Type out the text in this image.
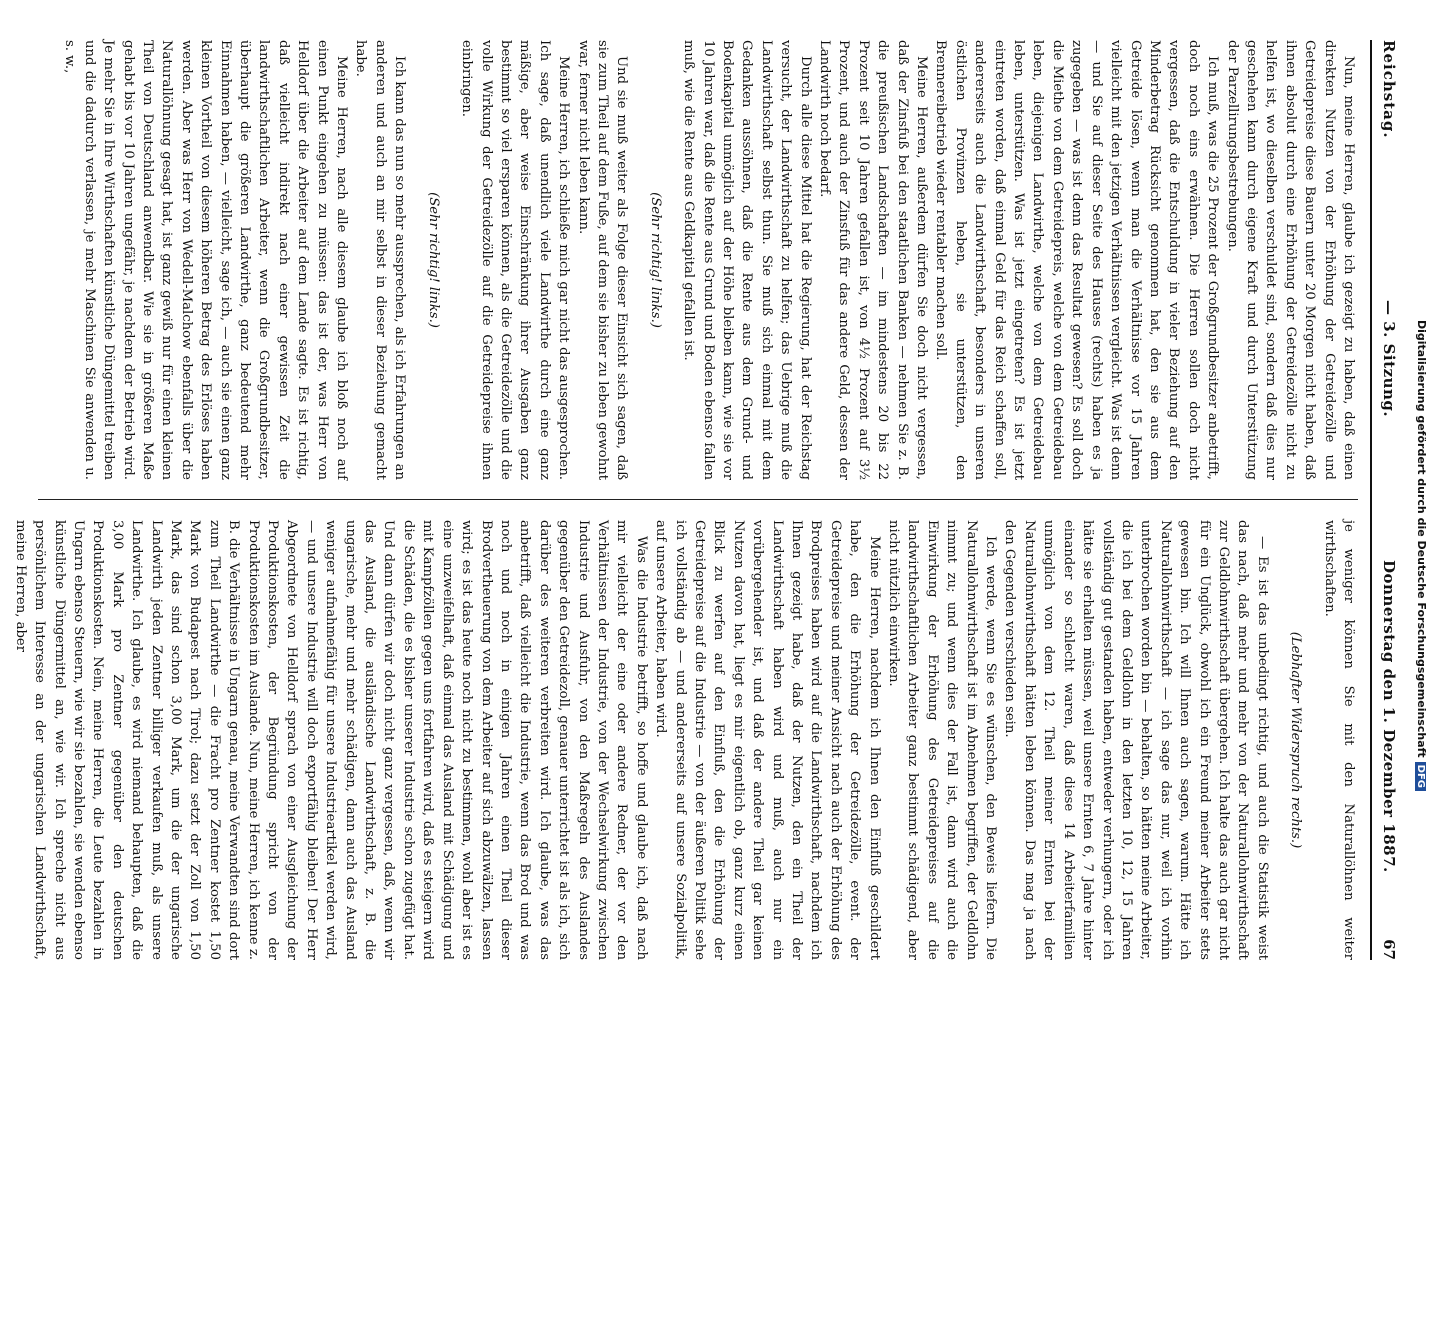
Reichstag.
— 3. Sitzung.
Donnerstag den 1. Dezember 1887.
67

Nun, meine Herren, glaube ich gezeigt zu haben, daß einen direkten Nutzen von der Erhöhung der Getreidezölle und Getreidepreise diese Bauern unter 20 Morgen nicht haben, daß ihnen absolut durch eine Erhöhung der Getreidezölle nicht zu helfen ist, wo dieselben verschuldet sind, sondern daß dies nur geschehen kann durch eigene Kraft und durch Unterstützung der Parzellirungsbestrebungen.

Ich muß, was die 25 Prozent der Großgrundbesitzer anbetrifft, doch noch eins erwähnen. Die Herren sollen doch nicht vergessen, daß die Entschuldung in vieler Beziehung auf den Minderbetrag Rücksicht genommen hat, den sie aus dem Getreide lösen, wenn man die Verhältnisse vor 15 Jahren vielleicht mit den jetzigen Verhältnissen vergleicht. Was ist denn — und Sie auf dieser Seite des Hauses (rechts) haben es ja zugegeben — was ist denn das Resultat gewesen? Es soll doch die Miethe von dem Getreidepreis, welche von dem Getreidebau leben, diejenigen Landwirthe, welche von dem Getreidebau leben, unterstützen. Was ist jetzt eingetreten? Es ist jetzt eintreten worden, daß einmal Geld für das Reich schaffen soll, andererseits auch die Landwirthschaft, besonders in unseren östlichen Provinzen heben, sie unterstützen, den Brennereibetrieb wieder rentabler machen soll.

Meine Herren, außerdem dürfen Sie doch nicht vergessen, daß der Zinsfuß bei den staatlichen Banken — nehmen Sie z. B. die preußischen Landschaften — im mindestens 20 bis 22 Prozent seit 10 Jahren gefallen ist, von 4½ Prozent auf 3½ Prozent, und auch der Zinsfuß für das andere Geld, dessen der Landwirth noch bedarf.

Durch alle diese Mittel hat die Regierung, hat der Reichstag versucht, der Landwirthschaft zu helfen; das Uebrige muß die Landwirthschaft selbst thun. Sie muß sich einmal mit dem Gedanken aussöhnen, daß die Rente aus dem Grund- und Bodenkapital unmöglich auf der Höhe bleiben kann, wie sie vor 10 Jahren war, daß die Rente aus Grund und Boden ebenso fallen muß, wie die Rente aus Geldkapital gefallen ist.

(Sehr richtig! links.)

Und sie muß weiter als Folge dieser Einsicht sich sagen, daß sie zum Theil auf dem Fuße, auf dem sie bisher zu leben gewohnt war, ferner nicht leben kann.

Meine Herren, ich schließe mich gar nicht das ausgesprochen. Ich sage, daß unendlich viele Landwirthe durch eine ganz mäßige, aber weise Einschränkung ihrer Ausgaben ganz bestimmt so viel ersparen können, als die Getreidezölle und die volle Wirkung der Getreidezölle auf die Getreidepreise ihnen einbringen.

(Sehr richtig! links.)

Ich kann das nun so mehr aussprechen, als ich Erfahrungen an anderen und auch an mir selbst in dieser Beziehung gemacht habe.

Meine Herren, nach alle diesem glaube ich bloß noch auf einen Punkt eingehen zu müssen: das ist der, was Herr von Helldorf über die Arbeiter auf dem Lande sagte. Es ist richtig, daß vielleicht indirekt nach einer gewissen Zeit die landwirthschaftlichen Arbeiter, wenn die Großgrundbesitzer, überhaupt die größeren Landwirthe, ganz bedeutend mehr Einnahmen haben, — vielleicht, sage ich, — auch sie einen ganz kleinen Vortheil von diesem höheren Betrag des Erlöses haben werden. Aber was Herr von Wedell-Malchow ebenfalls über die Naturallöhnung gesagt hat, ist ganz gewiß nur für einen kleinen Theil von Deutschland anwendbar. Wie sie in größeren Maße gehabt bis vor 10 Jahren ungefähr, je nachdem der Betrieb wird. Je mehr Sie in Ihre Wirthschaften künstliche Düngemittel treiben und die dadurch verlassen, je mehr Maschinen Sie anwenden u. s. w.,

je weniger können Sie mit den Naturallöhnen weiter wirthschaften.

(Lebhafter Widerspruch rechts.)

— Es ist das unbedingt richtig, und auch die Statistik weist das nach, daß mehr und mehr von der Naturallohnwirthschaft zur Geldlohnwirthschaft übergehen. Ich halte das auch gar nicht für ein Unglück, obwohl ich ein Freund meiner Arbeiter stets gewesen bin. Ich will Ihnen auch sagen, warum. Hätte ich Naturallohnwirthschaft — ich sage das nur, weil ich vorhin unterbrochen worden bin — behalten, so hätten meine Arbeiter, die ich bei dem Geldlohn in den letzten 10, 12, 15 Jahren vollständig gut gestanden haben, entweder verhungern, oder ich hätte sie erhalten müssen, weil unsere Ernten 6, 7 Jahre hinter einander so schlecht waren, daß diese 14 Arbeiterfamilien unmöglich von dem 12. Theil meiner Ernten bei der Naturallohnwirthschaft hätten leben können. Das mag ja nach den Gegenden verschieden sein.

Ich werde, wenn Sie es wünschen, den Beweis liefern. Die Naturallohnwirthschaft ist im Abnehmen begriffen, der Geldlohn nimmt zu; und wenn dies der Fall ist, dann wird auch die Einwirkung der Erhöhung des Getreidepreises auf die landwirthschaftlichen Arbeiter ganz bestimmt schädigend, aber nicht nützlich einwirken.

Meine Herren, nachdem ich Ihnen den Einfluß geschildert habe, den die Erhöhung der Getreidezölle, event. der Getreidepreise und meiner Ansicht nach auch der Erhöhung des Brodpreises haben wird auf die Landwirthschaft, nachdem ich Ihnen gezeigt habe, daß der Nutzen, den ein Theil der Landwirthschaft haben wird und muß, auch nur ein vorübergehender ist, und daß der andere Theil gar keinen Nutzen davon hat, liegt es mir eigentlich ob, ganz kurz einen Blick zu werfen auf den Einfluß, den die Erhöhung der Getreidepreise auf die Industrie — von der äußeren Politik sehe ich vollständig ab — und andererseits auf unsere Sozialpolitik, auf unsere Arbeiter, haben wird.

Was die Industrie betrifft, so hoffe und glaube ich, daß nach mir vielleicht der eine oder andere Redner, der vor den Verhältnissen der Industrie, von der Wechselwirkung zwischen Industrie und Ausfuhr, von den Maßregeln des Auslandes gegenüber den Getreidezoll, genauer unterrichtet ist als ich, sich darüber des weiteren verbreiten wird. Ich glaube, was das anbetrifft, daß vielleicht die Industrie, wenn das Brod und was noch und noch in einigen Jahren einen Theil dieser Brodvertheuerung von dem Arbeiter auf sich abzuwälzen, lassen wird; es ist das heute noch nicht zu bestimmen, wohl aber ist es eine unzweifelhaft, daß einmal das Ausland mit Schädigung und mit Kampfzöllen gegen uns fortfahren wird, daß es steigern wird die Schäden, die es bisher unserer Industrie schon zugefügt hat. Und dann dürfen wir doch nicht ganz vergessen, daß, wenn wir das Ausland, die ausländische Landwirthschaft, z. B. die ungarische, mehr und mehr schädigen, dann auch das Ausland weniger aufnahmefähig für unsere Industrieartikel werden wird, — und unsere Industrie will doch exportfähig bleiben! Der Herr Abgeordnete von Helldorf sprach von einer Ausgleichung der Produktionskosten, der Begründung spricht von der Produktionskosten im Auslande. Nun, meine Herren, ich kenne z. B. die Verhältnisse in Ungarn genau, meine Verwandten sind dort zum Theil Landwirthe — die Fracht pro Zentner kostet 1,50 Mark von Budapest nach Tirol; dazu setzt der Zoll von 1,50 Mark, das sind schon 3,00 Mark, um die der ungarische Landwirth jeden Zentner billiger verkaufen muß, als unsere Landwirthe. Ich glaube, es wird niemand behaupten, daß die 3,00 Mark pro Zentner gegenüber den deutschen Produktionskosten. Nein, meine Herren, die Leute bezahlen in Ungarn ebenso Steuern, wie wir sie bezahlen, sie wenden ebenso künstliche Düngermittel an, wie wir. Ich spreche nicht aus persönlichem Interesse an der ungarischen Landwirthschaft, meine Herren, aber	Digitalisierung gefördert durch die Deutsche ForschungsgemeinschaftDFG
